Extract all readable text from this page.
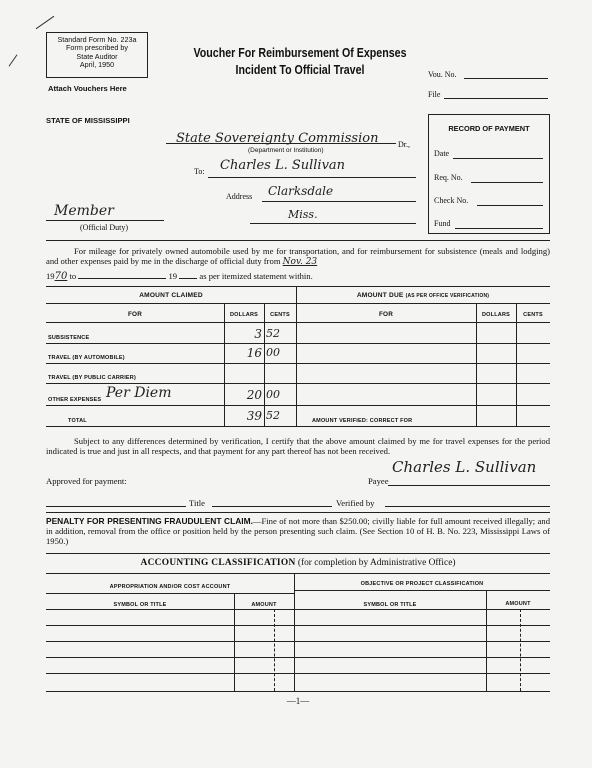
Standard Form No. 223a
Form prescribed by
State Auditor
April, 1950
Attach Vouchers Here
Voucher For Reimbursement Of Expenses
Incident To Official Travel	Vou. No.
File
STATE OF MISSISSIPPI
State Sovereignty Commission Dr.,
(Department or Institution)
To: Charles L. Sullivan
Address Clarksdale
Miss.
Member
(Official Duty)
RECORD OF PAYMENT
Date
Req. No.
Check No.
Fund
For mileage for privately owned automobile used by me for transportation, and for reimbursement for subsistence (meals and lodging) and other expenses paid by me in the discharge of official duty from Nov. 23
1970 to	19	as per itemized statement within.
AMOUNT CLAIMED	AMOUNT DUE (AS PER OFFICE VERIFICATION)
FOR	DOLLARS	CENTS	FOR	DOLLARS	CENTS
SUBSISTENCE	3 52
TRAVEL (BY AUTOMOBILE)	16 00
TRAVEL (BY PUBLIC CARRIER)
OTHER EXPENSES Per Diem	20 00
TOTAL	39 52	AMOUNT VERIFIED: CORRECT FOR
Subject to any differences determined by verification, I certify that the above amount claimed by me for travel expenses for the period indicated is true and just in all respects, and that payment for any part thereof has not been received.
Approved for payment:	Payee
Charles L. Sullivan
Title	Verified by
PENALTY FOR PRESENTING FRAUDULENT CLAIM.—Fine of not more than $250.00; civilly liable for full amount received illegally; and in addition, removal from the office or position held by the person presenting such claim. (See Section 10 of H. B. No. 223, Mississippi Laws of 1950.)
ACCOUNTING CLASSIFICATION (for completion by Administrative Office)
APPROPRIATION AND/OR COST ACCOUNT	OBJECTIVE OR PROJECT CLASSIFICATION
SYMBOL OR TITLE	AMOUNT	SYMBOL OR TITLE	AMOUNT
—1—
